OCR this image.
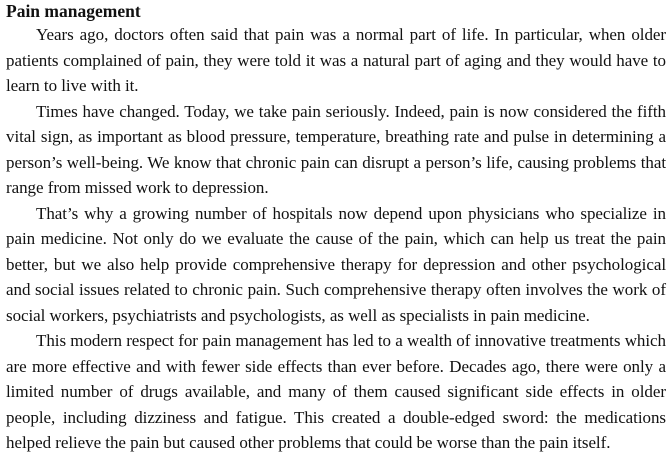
Pain management

Years ago, doctors often said that pain was a normal part of life. In particular, when older patients complained of pain, they were told it was a natural part of aging and they would have to learn to live with it.

Times have changed. Today, we take pain seriously. Indeed, pain is now considered the fifth vital sign, as important as blood pressure, temperature, breathing rate and pulse in determining a person’s well-being. We know that chronic pain can disrupt a person’s life, causing problems that range from missed work to depression.

That’s why a growing number of hospitals now depend upon physicians who specialize in pain medicine. Not only do we evaluate the cause of the pain, which can help us treat the pain better, but we also help provide comprehensive therapy for depression and other psychological and social issues related to chronic pain. Such comprehensive therapy often involves the work of social workers, psychiatrists and psychologists, as well as specialists in pain medicine.

This modern respect for pain management has led to a wealth of innovative treatments which are more effective and with fewer side effects than ever before. Decades ago, there were only a limited number of drugs available, and many of them caused significant side effects in older people, including dizziness and fatigue. This created a double-edged sword: the medications helped relieve the pain but caused other problems that could be worse than the pain itself.
